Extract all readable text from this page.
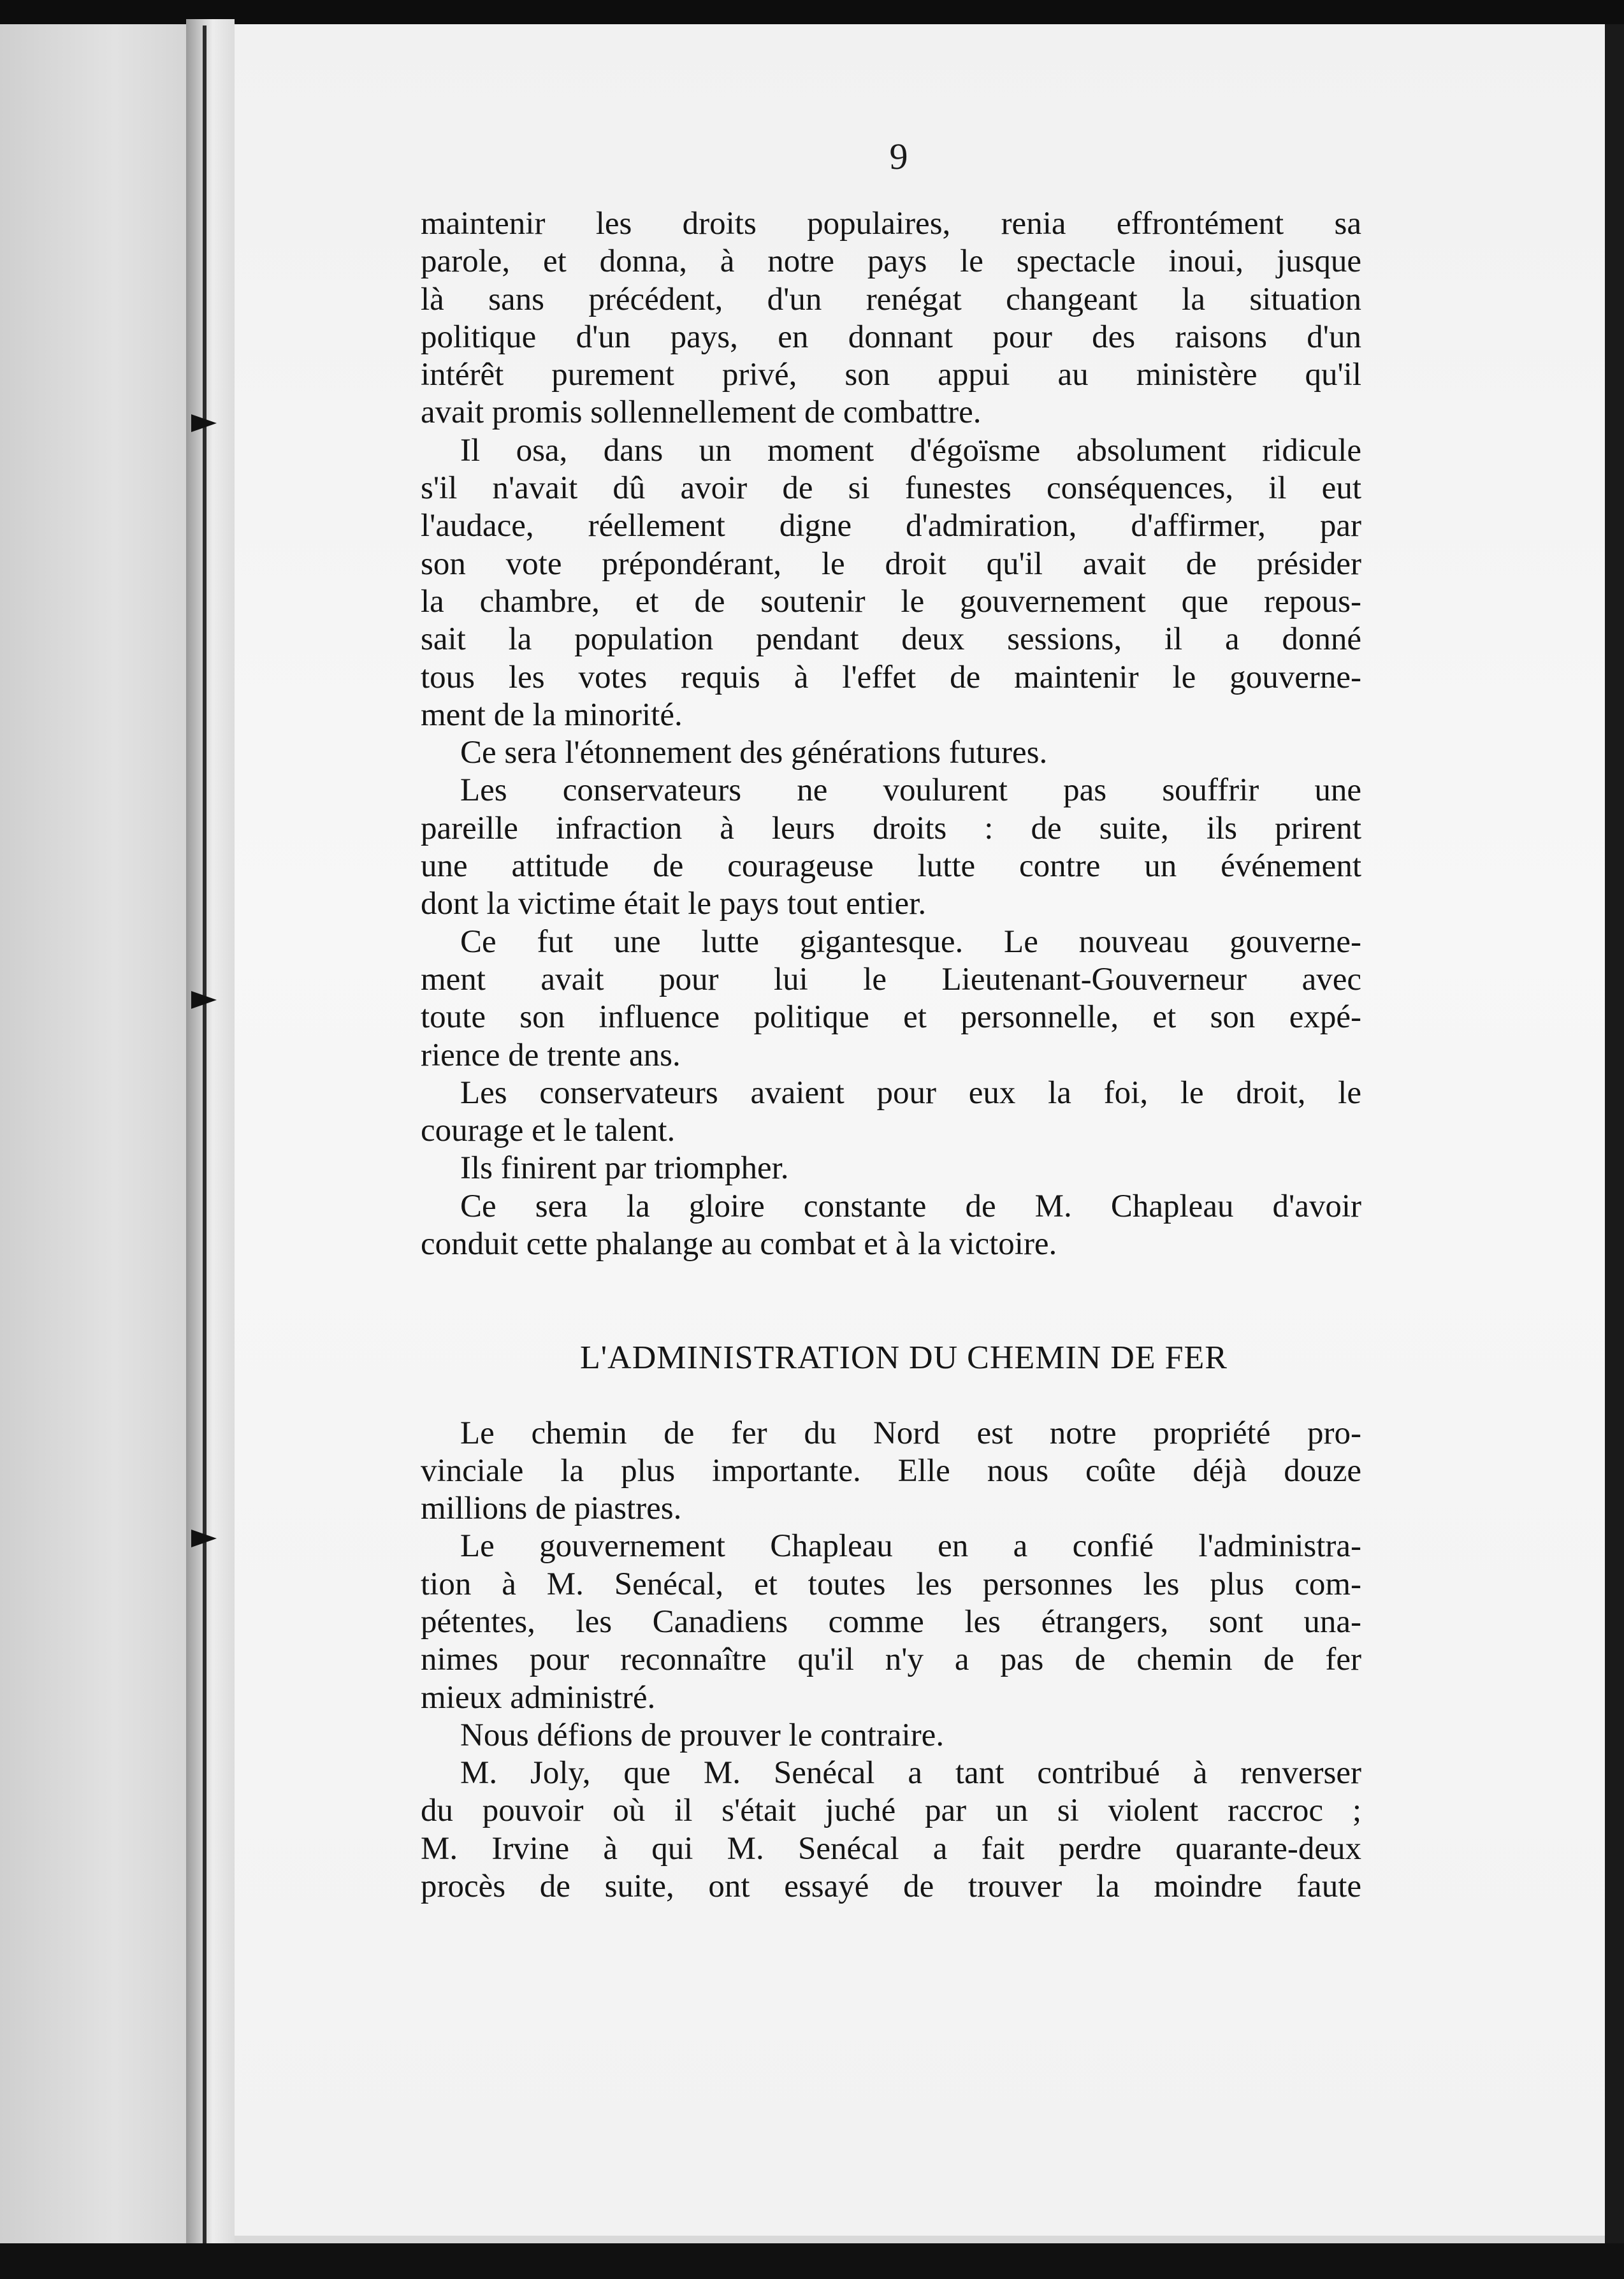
9
maintenir les droits populaires, renia effrontément sa
parole, et donna, à notre pays le spectacle inoui, jusque
là sans précédent, d'un renégat changeant la situation
politique d'un pays, en donnant pour des raisons d'un
intérêt purement privé, son appui au ministère qu'il
avait promis sollennellement de combattre.
Il osa, dans un moment d'égoïsme absolument ridicule
s'il n'avait dû avoir de si funestes conséquences, il eut
l'audace, réellement digne d'admiration, d'affirmer, par
son vote prépondérant, le droit qu'il avait de présider
la chambre, et de soutenir le gouvernement que repous-
sait la population pendant deux sessions, il a donné
tous les votes requis à l'effet de maintenir le gouverne-
ment de la minorité.
Ce sera l'étonnement des générations futures.
Les conservateurs ne voulurent pas souffrir une
pareille infraction à leurs droits : de suite, ils prirent
une attitude de courageuse lutte contre un événement
dont la victime était le pays tout entier.
Ce fut une lutte gigantesque. Le nouveau gouverne-
ment avait pour lui le Lieutenant-Gouverneur avec
toute son influence politique et personnelle, et son expé-
rience de trente ans.
Les conservateurs avaient pour eux la foi, le droit, le
courage et le talent.
Ils finirent par triompher.
Ce sera la gloire constante de M. Chapleau d'avoir
conduit cette phalange au combat et à la victoire.
L'ADMINISTRATION DU CHEMIN DE FER
Le chemin de fer du Nord est notre propriété pro-
vinciale la plus importante. Elle nous coûte déjà douze
millions de piastres.
Le gouvernement Chapleau en a confié l'administra-
tion à M. Senécal, et toutes les personnes les plus com-
pétentes, les Canadiens comme les étrangers, sont una-
nimes pour reconnaître qu'il n'y a pas de chemin de fer
mieux administré.
Nous défions de prouver le contraire.
M. Joly, que M. Senécal a tant contribué à renverser
du pouvoir où il s'était juché par un si violent raccroc ;
M. Irvine à qui M. Senécal a fait perdre quarante-deux
procès de suite, ont essayé de trouver la moindre faute
